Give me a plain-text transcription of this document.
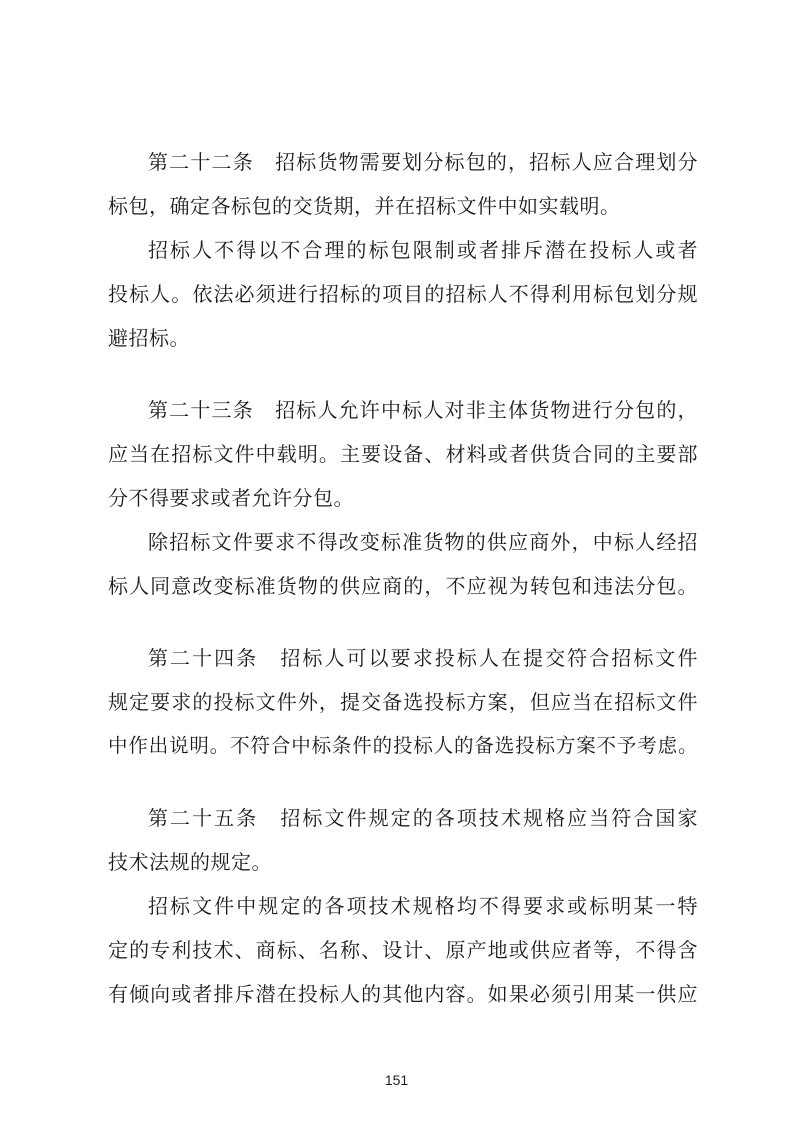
第二十二条　招标货物需要划分标包的，招标人应合理划分
标包，确定各标包的交货期，并在招标文件中如实载明。
招标人不得以不合理的标包限制或者排斥潜在投标人或者
投标人。依法必须进行招标的项目的招标人不得利用标包划分规
避招标。
第二十三条　招标人允许中标人对非主体货物进行分包的，
应当在招标文件中载明。主要设备、材料或者供货合同的主要部
分不得要求或者允许分包。
除招标文件要求不得改变标准货物的供应商外，中标人经招
标人同意改变标准货物的供应商的，不应视为转包和违法分包。
第二十四条　招标人可以要求投标人在提交符合招标文件
规定要求的投标文件外，提交备选投标方案，但应当在招标文件
中作出说明。不符合中标条件的投标人的备选投标方案不予考虑。
第二十五条　招标文件规定的各项技术规格应当符合国家
技术法规的规定。
招标文件中规定的各项技术规格均不得要求或标明某一特
定的专利技术、商标、名称、设计、原产地或供应者等，不得含
有倾向或者排斥潜在投标人的其他内容。如果必须引用某一供应
151
